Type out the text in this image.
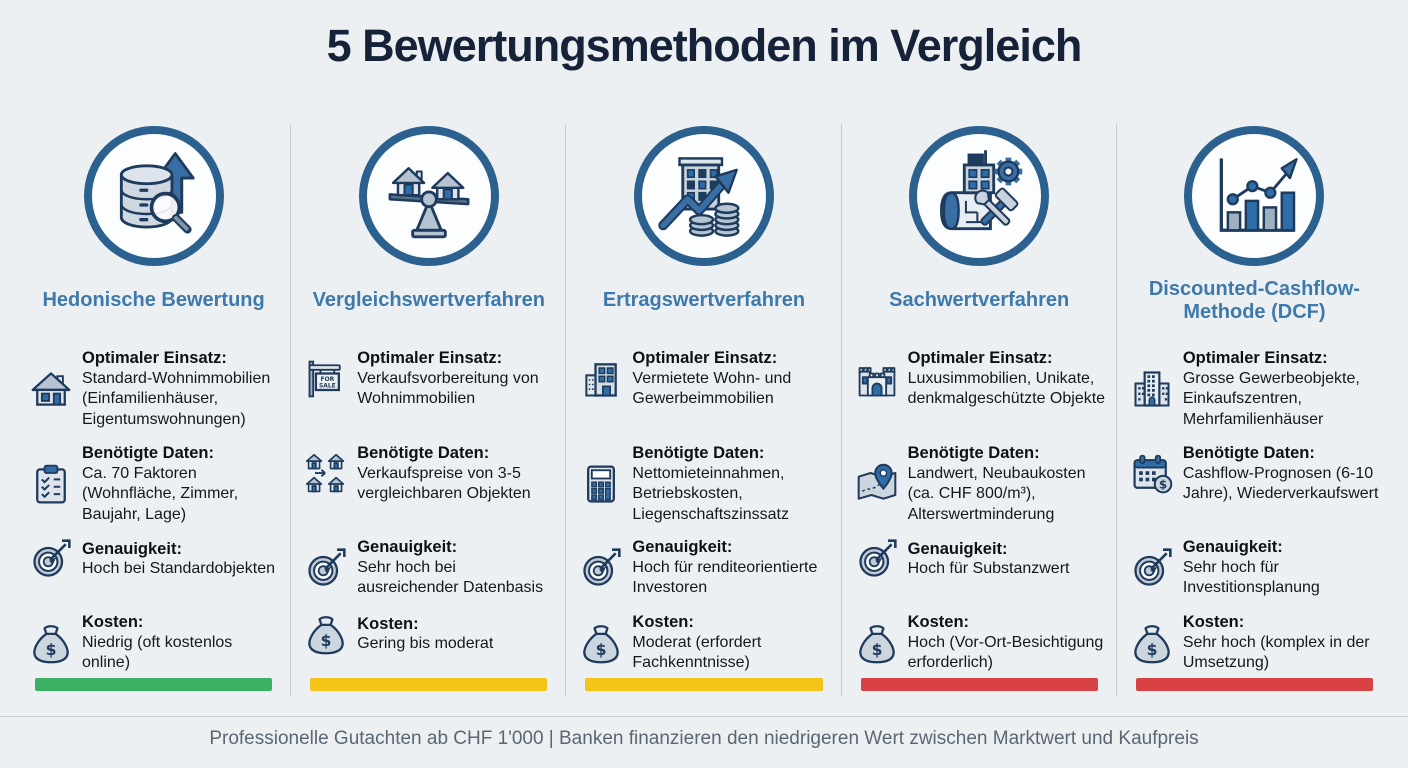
5 Bewertungsmethoden im Vergleich
Hedonische Bewertung
Optimaler Einsatz:
Standard-Wohnimmobilien (Einfamilienhäuser, Eigentumswohnungen)
Benötigte Daten:
Ca. 70 Faktoren (Wohnfläche, Zimmer, Baujahr, Lage)
Genauigkeit:
Hoch bei Standardobjekten
$
Kosten:
Niedrig (oft kostenlos online)
Vergleichswertverfahren
FOR
SALE
Optimaler Einsatz:
Verkaufsvorbereitung von Wohnimmobilien
Benötigte Daten:
Verkaufspreise von 3-5 vergleichbaren Objekten
Genauigkeit:
Sehr hoch bei ausreichender Datenbasis
$
Kosten:
Gering bis moderat
Ertragswertverfahren
Optimaler Einsatz:
Vermietete Wohn- und Gewerbeimmobilien
Benötigte Daten:
Nettomieteinnahmen, Betriebskosten, Liegenschaftszinssatz
Genauigkeit:
Hoch für renditeorientierte Investoren
$
Kosten:
Moderat (erfordert Fachkenntnisse)
Sachwertverfahren
Optimaler Einsatz:
Luxusimmobilien, Unikate, denkmalgeschützte Objekte
Benötigte Daten:
Landwert, Neubaukosten (ca. CHF 800/m³), Alterswertminderung
Genauigkeit:
Hoch für Substanzwert
$
Kosten:
Hoch (Vor-Ort-Besichtigung erforderlich)
Discounted-Cashflow-Methode (DCF)
Optimaler Einsatz:
Grosse Gewerbeobjekte, Einkaufszentren, Mehrfamilienhäuser
$
Benötigte Daten:
Cashflow-Prognosen (6-10 Jahre), Wiederverkaufswert
Genauigkeit:
Sehr hoch für Investitionsplanung
$
Kosten:
Sehr hoch (komplex in der Umsetzung)
Professionelle Gutachten ab CHF 1'000 | Banken finanzieren den niedrigeren Wert zwischen Marktwert und Kaufpreis
